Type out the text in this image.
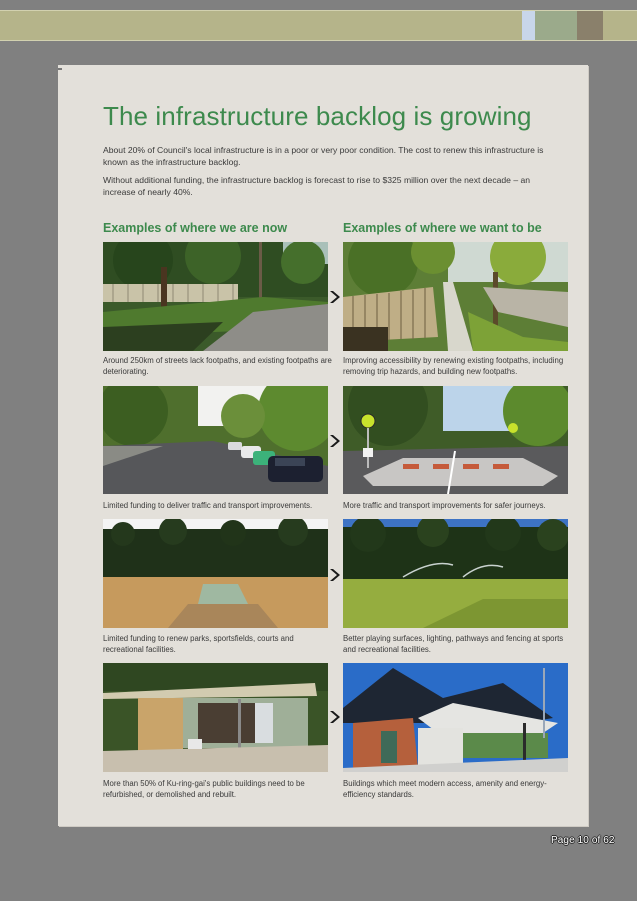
The infrastructure backlog is growing

About 20% of Council's local infrastructure is in a poor or very poor condition. The cost to renew this infrastructure is known as the infrastructure backlog.

Without additional funding, the infrastructure backlog is forecast to rise to $325 million over the next decade – an increase of nearly 40%.

Examples of where we are now	Examples of where we want to be

Around 250km of streets lack footpaths, and existing footpaths are deteriorating.

Improving accessibility by renewing existing footpaths, including removing trip hazards, and building new footpaths.

Limited funding to deliver traffic and transport improvements.	More traffic and transport improvements for safer journeys.

Limited funding to renew parks, sportsfields, courts and recreational facilities.

Better playing surfaces, lighting, pathways and fencing at sports and recreational facilities.

More than 50% of Ku-ring-gai's public buildings need to be refurbished, or demolished and rebuilt.

Buildings which meet modern access, amenity and energy-efficiency standards.

Page 10 of 62
